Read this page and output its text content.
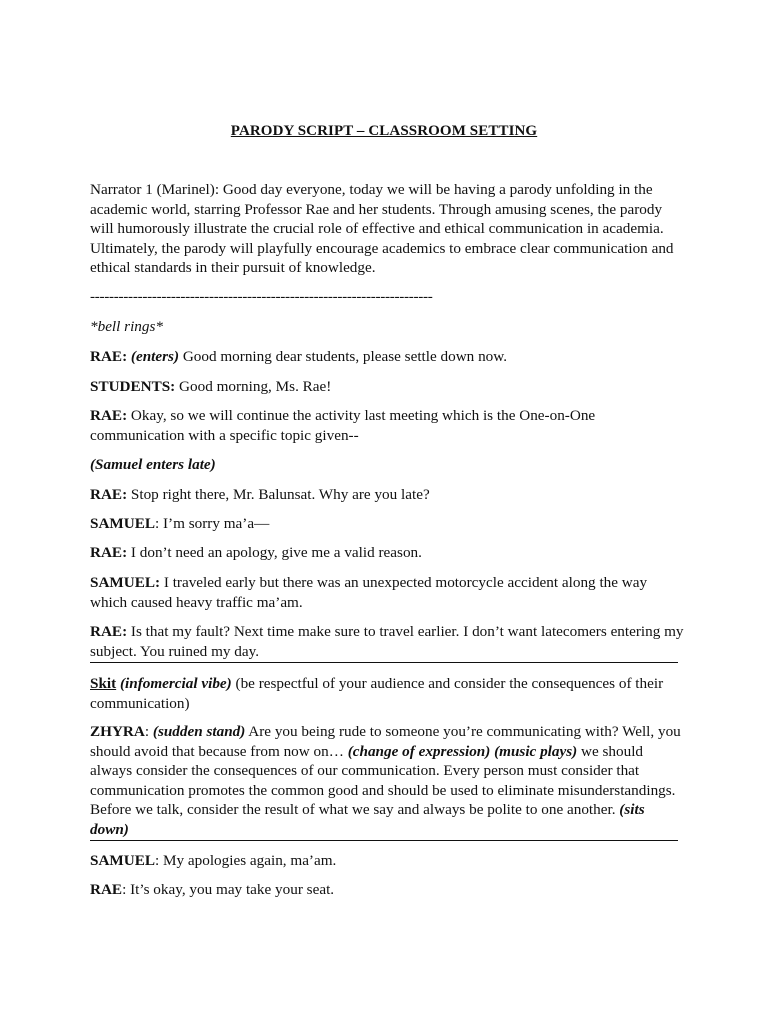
PARODY SCRIPT – CLASSROOM SETTING
Narrator 1 (Marinel): Good day everyone, today we will be having a parody unfolding in the academic world, starring Professor Rae and her students. Through amusing scenes, the parody will humorously illustrate the crucial role of effective and ethical communication in academia. Ultimately, the parody will playfully encourage academics to embrace clear communication and ethical standards in their pursuit of knowledge.
------------------------------------------------------------------------
*bell rings*
RAE: (enters) Good morning dear students, please settle down now.
STUDENTS: Good morning, Ms. Rae!
RAE: Okay, so we will continue the activity last meeting which is the One-on-One communication with a specific topic given--
(Samuel enters late)
RAE: Stop right there, Mr. Balunsat. Why are you late?
SAMUEL: I’m sorry ma’a—
RAE: I don’t need an apology, give me a valid reason.
SAMUEL: I traveled early but there was an unexpected motorcycle accident along the way which caused heavy traffic ma’am.
RAE: Is that my fault? Next time make sure to travel earlier. I don’t want latecomers entering my subject. You ruined my day.
Skit (infomercial vibe) (be respectful of your audience and consider the consequences of their communication)
ZHYRA: (sudden stand) Are you being rude to someone you’re communicating with? Well, you should avoid that because from now on… (change of expression) (music plays) we should always consider the consequences of our communication. Every person must consider that communication promotes the common good and should be used to eliminate misunderstandings. Before we talk, consider the result of what we say and always be polite to one another. (sits down)
SAMUEL: My apologies again, ma’am.
RAE: It’s okay, you may take your seat.
